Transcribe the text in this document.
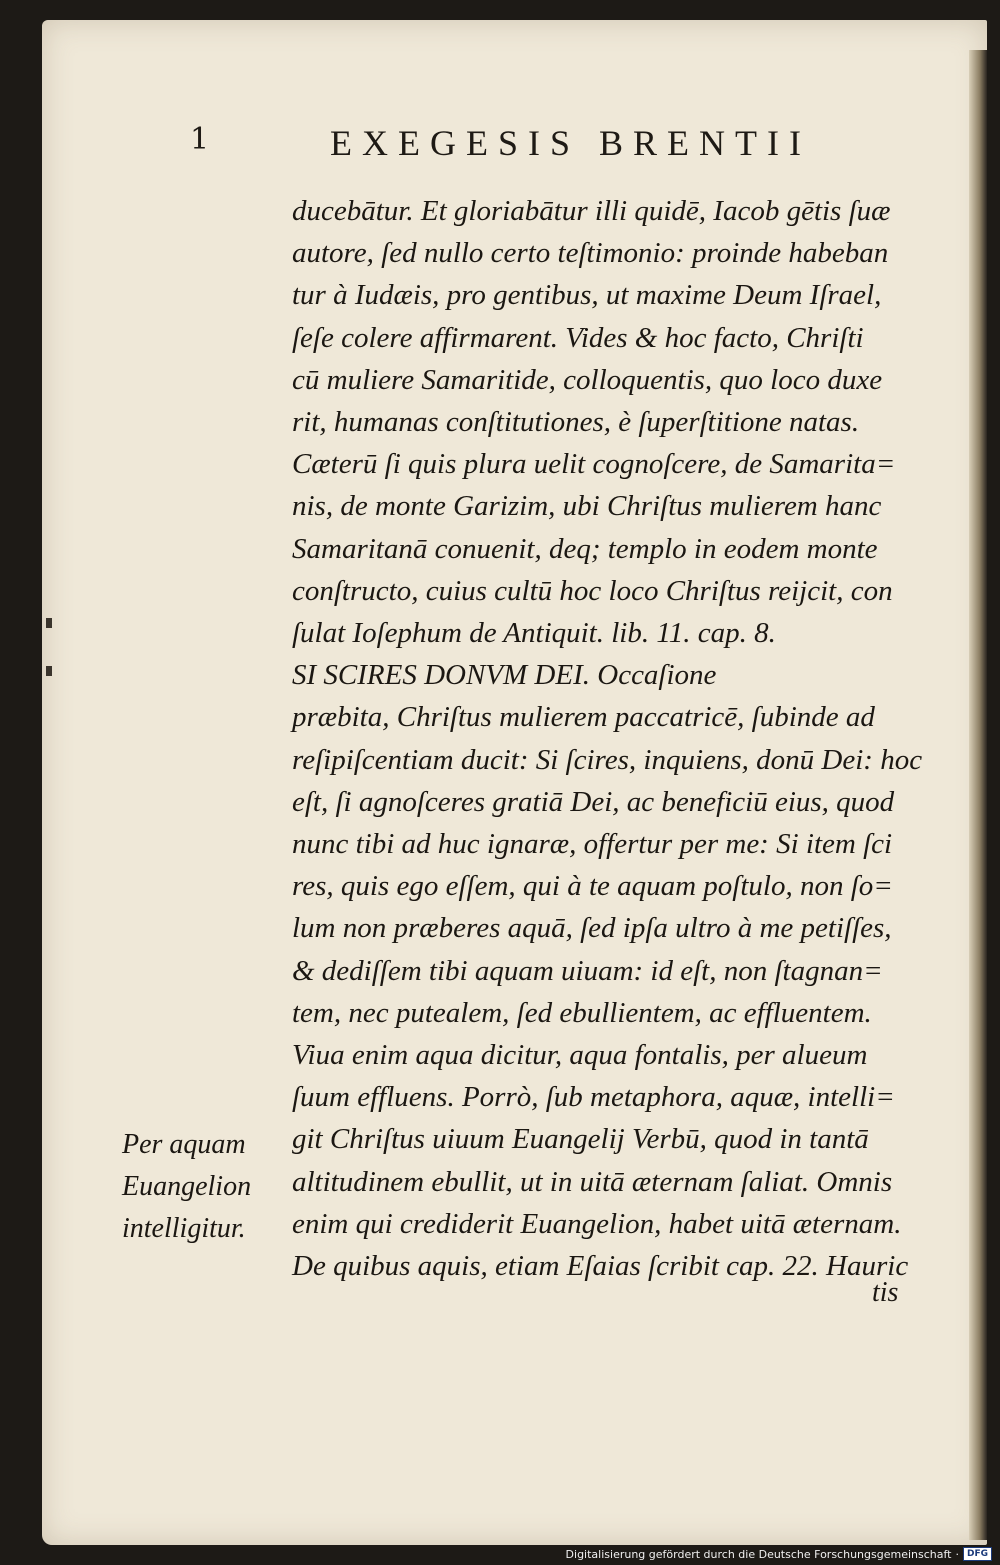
1	EXEGESIS BRENTII
ducebātur. Et gloriabātur illi quidē, Iacob gētis ſuæ
autore, ſed nullo certo teſtimonio: proinde habeban
tur à Iudæis, pro gentibus, ut maxime Deum Iſrael,
ſeſe colere affirmarent. Vides & hoc facto, Chriſti
cū muliere Samaritide, colloquentis, quo loco duxe
rit, humanas conſtitutiones, è ſuperſtitione natas.
Cæterū ſi quis plura uelit cognoſcere, de Samarita=
nis, de monte Garizim, ubi Chriſtus mulierem hanc
Samaritanā conuenit, deq; templo in eodem monte
conſtructo, cuius cultū hoc loco Chriſtus reijcit, con
ſulat Ioſephum de Antiquit. lib. 11. cap. 8.
SI SCIRES DONVM DEI. Occaſione
præbita, Chriſtus mulierem paccatricē, ſubinde ad
reſipiſcentiam ducit: Si ſcires, inquiens, donū Dei: hoc
eſt, ſi agnoſceres gratiā Dei, ac beneficiū eius, quod
nunc tibi ad huc ignaræ, offertur per me: Si item ſci
res, quis ego eſſem, qui à te aquam poſtulo, non ſo=
lum non præberes aquā, ſed ipſa ultro à me petiſſes,
& dediſſem tibi aquam uiuam: id eſt, non ſtagnan=
tem, nec putealem, ſed ebullientem, ac effluentem.
Viua enim aqua dicitur, aqua fontalis, per alueum
ſuum effluens. Porrò, ſub metaphora, aquæ, intelli=
git Chriſtus uiuum Euangelij Verbū, quod in tantā
altitudinem ebullit, ut in uitā æternam ſaliat. Omnis
enim qui crediderit Euangelion, habet uitā æternam.
De quibus aquis, etiam Eſaias ſcribit cap. 22. Hauric
tis
Per aquam
Euangelion
intelligitur.
Digitalisierung gefördert durch die Deutsche Forschungsgemeinschaft · DFG
